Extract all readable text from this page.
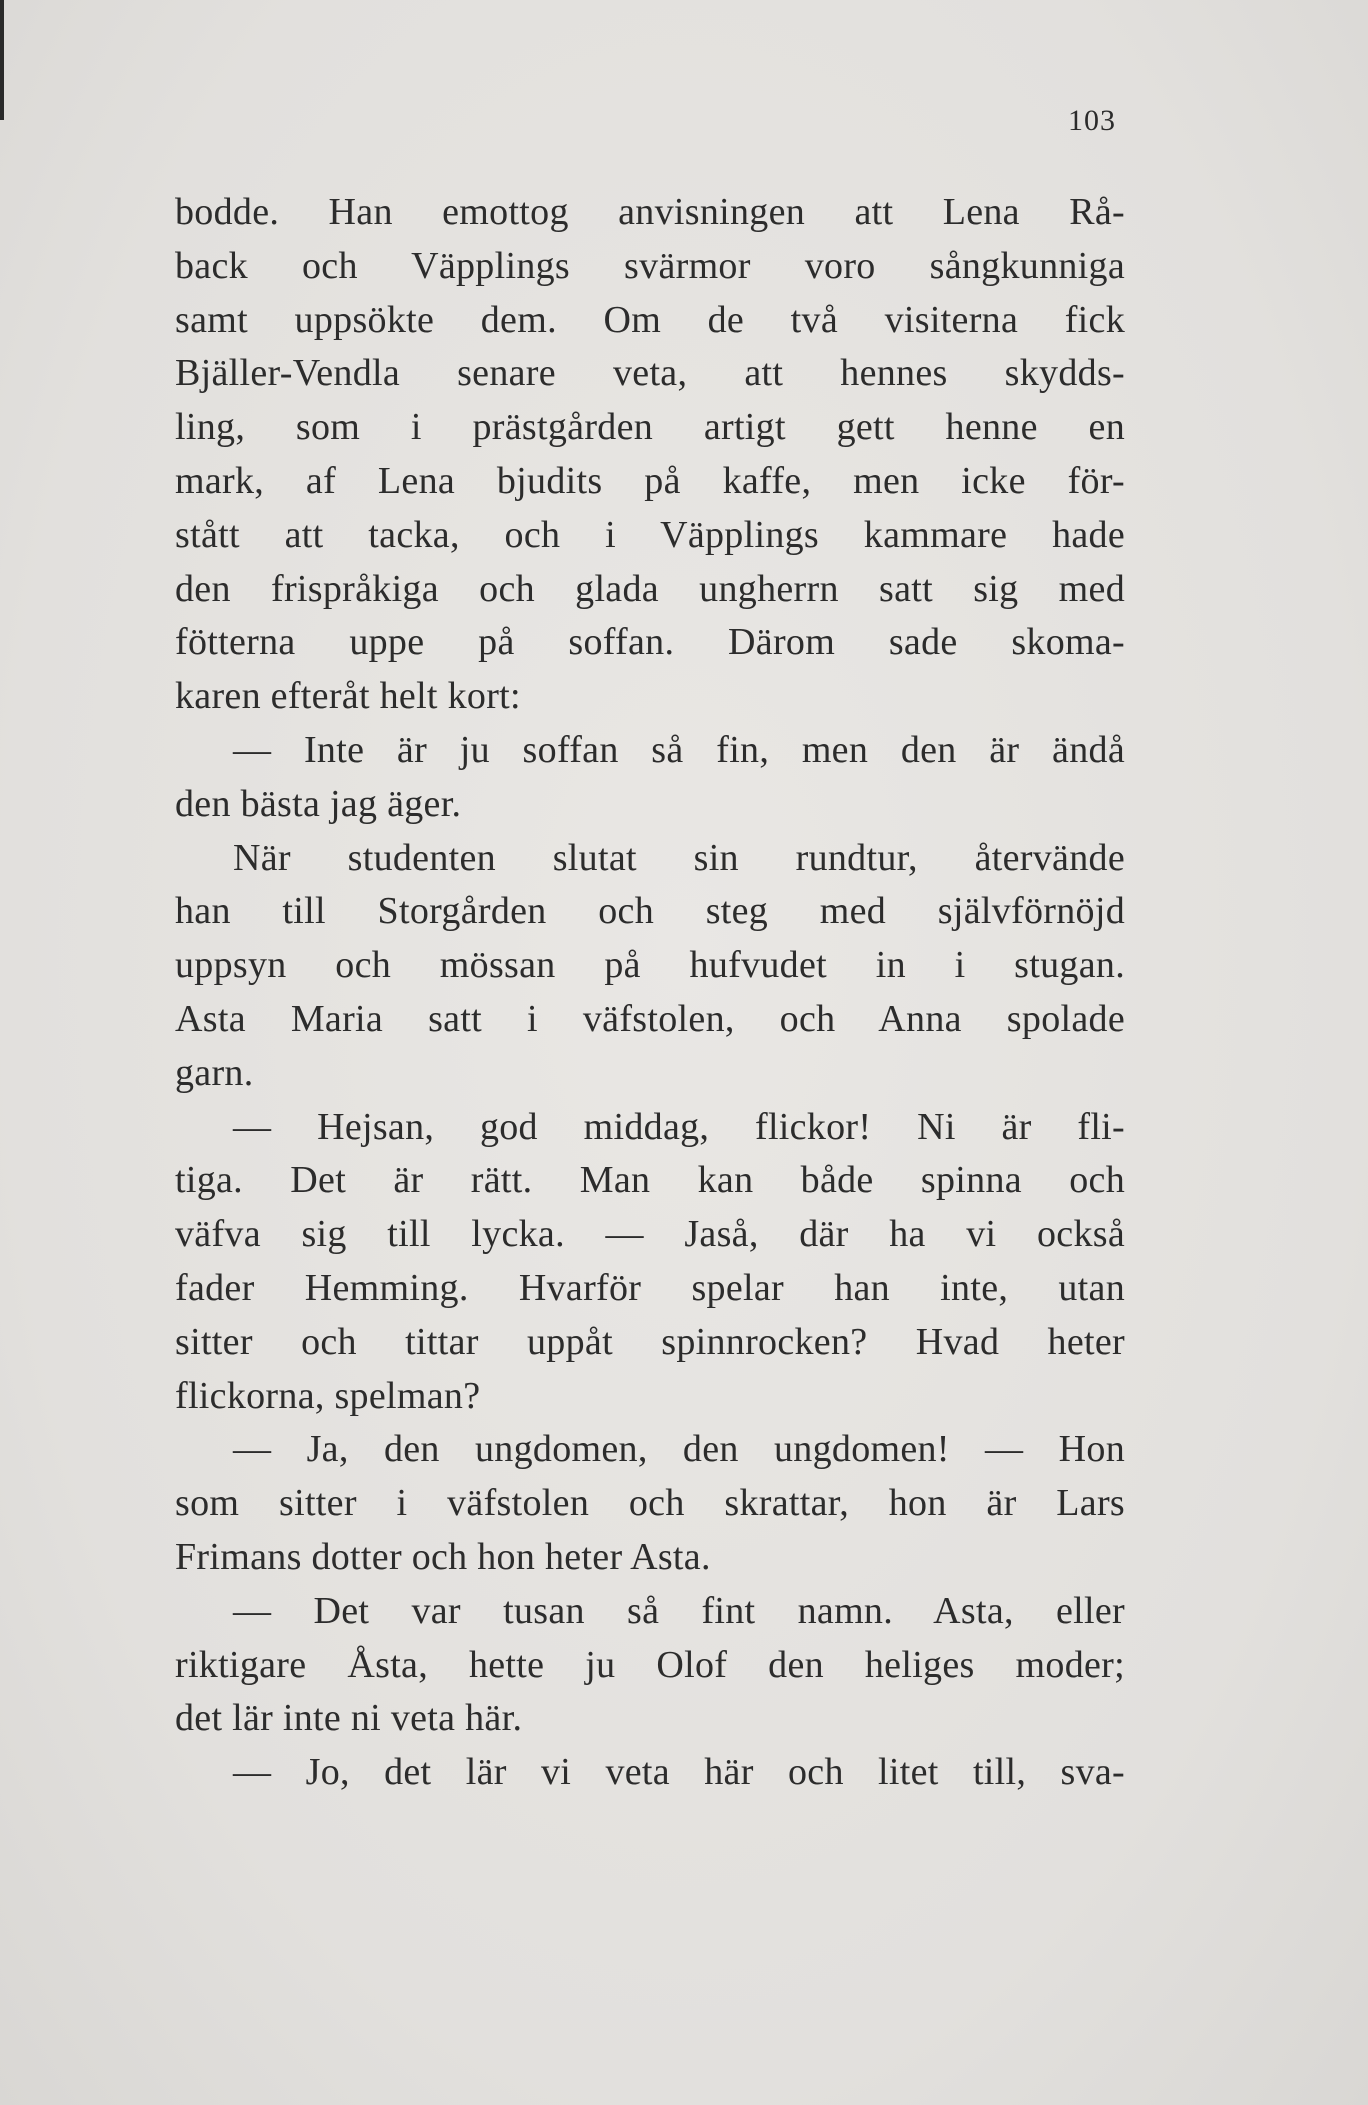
103
bodde. Han emottog anvisningen att Lena Rå-
back och Väpplings svärmor voro sångkunniga
samt uppsökte dem. Om de två visiterna fick
Bjäller-Vendla senare veta, att hennes skydds-
ling, som i prästgården artigt gett henne en
mark, af Lena bjudits på kaffe, men icke för-
stått att tacka, och i Väpplings kammare hade
den frispråkiga och glada ungherrn satt sig med
fötterna uppe på soffan. Därom sade skoma-
karen efteråt helt kort:
— Inte är ju soffan så fin, men den är ändå
den bästa jag äger.
När studenten slutat sin rundtur, återvände
han till Storgården och steg med självförnöjd
uppsyn och mössan på hufvudet in i stugan.
Asta Maria satt i väfstolen, och Anna spolade
garn.
— Hejsan, god middag, flickor! Ni är fli-
tiga. Det är rätt. Man kan både spinna och
väfva sig till lycka. — Jaså, där ha vi också
fader Hemming. Hvarför spelar han inte, utan
sitter och tittar uppåt spinnrocken? Hvad heter
flickorna, spelman?
— Ja, den ungdomen, den ungdomen! — Hon
som sitter i väfstolen och skrattar, hon är Lars
Frimans dotter och hon heter Asta.
— Det var tusan så fint namn. Asta, eller
riktigare Åsta, hette ju Olof den heliges moder;
det lär inte ni veta här.
— Jo, det lär vi veta här och litet till, sva-
